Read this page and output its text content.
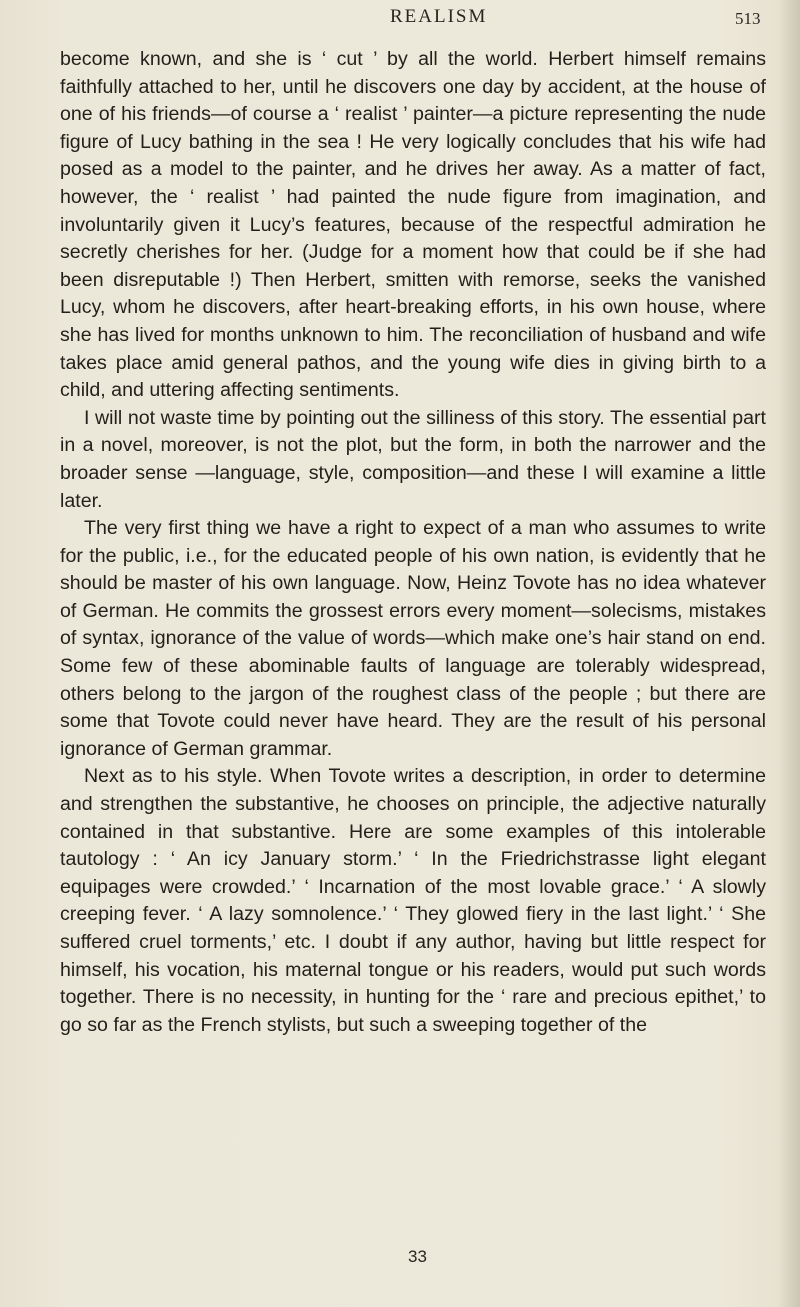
REALISM	513

become known, and she is ‘ cut ’ by all the world. Herbert himself remains faithfully attached to her, until he discovers one day by accident, at the house of one of his friends—of course a ‘ realist ’ painter—a picture representing the nude figure of Lucy bathing in the sea ! He very logically concludes that his wife had posed as a model to the painter, and he drives her away. As a matter of fact, however, the ‘ realist ’ had painted the nude figure from imagination, and involuntarily given it Lucy’s features, because of the respectful admiration he secretly cherishes for her. (Judge for a moment how that could be if she had been disreputable !) Then Herbert, smitten with remorse, seeks the vanished Lucy, whom he discovers, after heart-breaking efforts, in his own house, where she has lived for months unknown to him. The reconciliation of husband and wife takes place amid general pathos, and the young wife dies in giving birth to a child, and uttering affecting sentiments.

I will not waste time by pointing out the silliness of this story. The essential part in a novel, moreover, is not the plot, but the form, in both the narrower and the broader sense —language, style, composition—and these I will examine a little later.

The very first thing we have a right to expect of a man who assumes to write for the public, i.e., for the educated people of his own nation, is evidently that he should be master of his own language. Now, Heinz Tovote has no idea whatever of German. He commits the grossest errors every moment—solecisms, mistakes of syntax, ignorance of the value of words—which make one’s hair stand on end. Some few of these abominable faults of language are tolerably widespread, others belong to the jargon of the roughest class of the people ; but there are some that Tovote could never have heard. They are the result of his personal ignorance of German grammar.

Next as to his style. When Tovote writes a description, in order to determine and strengthen the substantive, he chooses on principle, the adjective naturally contained in that substantive. Here are some examples of this intolerable tautology : ‘ An icy January storm.’ ‘ In the Friedrichstrasse light elegant equipages were crowded.’ ‘ Incarnation of the most lovable grace.’ ‘ A slowly creeping fever. ‘ A lazy somnolence.’ ‘ They glowed fiery in the last light.’ ‘ She suffered cruel torments,’ etc. I doubt if any author, having but little respect for himself, his vocation, his maternal tongue or his readers, would put such words together. There is no necessity, in hunting for the ‘ rare and precious epithet,’ to go so far as the French stylists, but such a sweeping together of the

33
